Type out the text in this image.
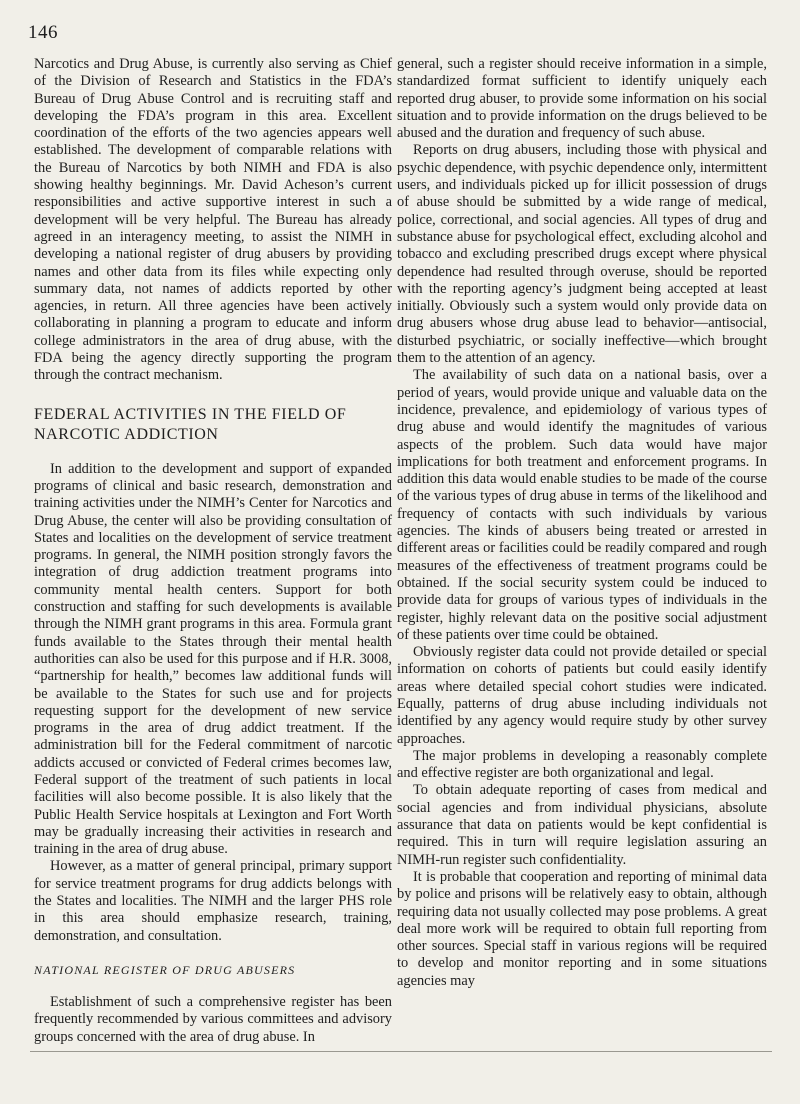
146

Narcotics and Drug Abuse, is currently also serving as Chief of the Division of Research and Statistics in the FDA’s Bureau of Drug Abuse Control and is recruiting staff and developing the FDA’s program in this area. Excellent coordination of the efforts of the two agencies appears well established. The development of comparable relations with the Bureau of Narcotics by both NIMH and FDA is also showing healthy beginnings. Mr. David Acheson’s current responsibilities and active supportive interest in such a development will be very helpful. The Bureau has already agreed in an interagency meeting, to assist the NIMH in developing a national register of drug abusers by providing names and other data from its files while expecting only summary data, not names of addicts reported by other agencies, in return. All three agencies have been actively collaborating in planning a program to educate and inform college administrators in the area of drug abuse, with the FDA being the agency directly supporting the program through the contract mechanism.

FEDERAL ACTIVITIES IN THE FIELD OF NARCOTIC ADDICTION

In addition to the development and support of expanded programs of clinical and basic research, demonstration and training activities under the NIMH’s Center for Narcotics and Drug Abuse, the center will also be providing consultation of States and localities on the development of service treatment programs. In general, the NIMH position strongly favors the integration of drug addiction treatment programs into community mental health centers. Support for both construction and staffing for such developments is available through the NIMH grant programs in this area. Formula grant funds available to the States through their mental health authorities can also be used for this purpose and if H.R. 3008, “partnership for health,” becomes law additional funds will be available to the States for such use and for projects requesting support for the development of new service programs in the area of drug addict treatment. If the administration bill for the Federal commitment of narcotic addicts accused or convicted of Federal crimes becomes law, Federal support of the treatment of such patients in local facilities will also become possible. It is also likely that the Public Health Service hospitals at Lexington and Fort Worth may be gradually increasing their activities in research and training in the area of drug abuse.

However, as a matter of general principal, primary support for service treatment programs for drug addicts belongs with the States and localities. The NIMH and the larger PHS role in this area should emphasize research, training, demonstration, and consultation.

NATIONAL REGISTER OF DRUG ABUSERS

Establishment of such a comprehensive register has been frequently recommended by various committees and advisory groups concerned with the area of drug abuse. In

general, such a register should receive information in a simple, standardized format sufficient to identify uniquely each reported drug abuser, to provide some information on his social situation and to provide information on the drugs believed to be abused and the duration and frequency of such abuse.

Reports on drug abusers, including those with physical and psychic dependence, with psychic dependence only, intermittent users, and individuals picked up for illicit possession of drugs of abuse should be submitted by a wide range of medical, police, correctional, and social agencies. All types of drug and substance abuse for psychological effect, excluding alcohol and tobacco and excluding prescribed drugs except where physical dependence had resulted through overuse, should be reported with the reporting agency’s judgment being accepted at least initially. Obviously such a system would only provide data on drug abusers whose drug abuse lead to behavior—antisocial, disturbed psychiatric, or socially ineffective—which brought them to the attention of an agency.

The availability of such data on a national basis, over a period of years, would provide unique and valuable data on the incidence, prevalence, and epidemiology of various types of drug abuse and would identify the magnitudes of various aspects of the problem. Such data would have major implications for both treatment and enforcement programs. In addition this data would enable studies to be made of the course of the various types of drug abuse in terms of the likelihood and frequency of contacts with such individuals by various agencies. The kinds of abusers being treated or arrested in different areas or facilities could be readily compared and rough measures of the effectiveness of treatment programs could be obtained. If the social security system could be induced to provide data for groups of various types of individuals in the register, highly relevant data on the positive social adjustment of these patients over time could be obtained.

Obviously register data could not provide detailed or special information on cohorts of patients but could easily identify areas where detailed special cohort studies were indicated. Equally, patterns of drug abuse including individuals not identified by any agency would require study by other survey approaches.

The major problems in developing a reasonably complete and effective register are both organizational and legal.

To obtain adequate reporting of cases from medical and social agencies and from individual physicians, absolute assurance that data on patients would be kept confidential is required. This in turn will require legislation assuring an NIMH-run register such confidentiality.

It is probable that cooperation and reporting of minimal data by police and prisons will be relatively easy to obtain, although requiring data not usually collected may pose problems. A great deal more work will be required to obtain full reporting from other sources. Special staff in various regions will be required to develop and monitor reporting and in some situations agencies may
